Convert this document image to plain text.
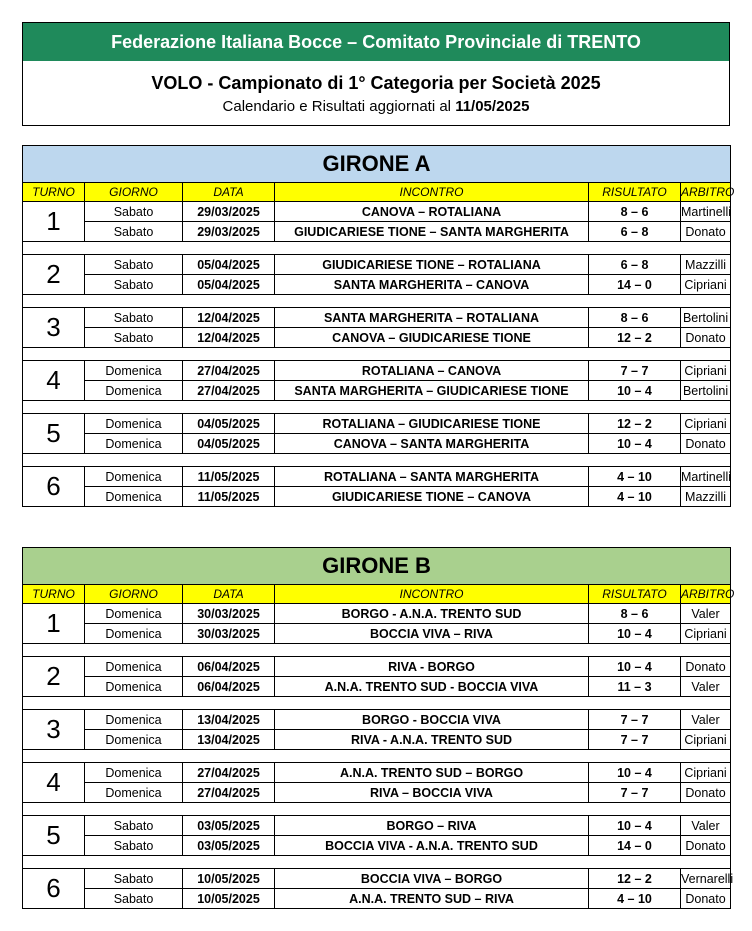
Federazione Italiana Bocce – Comitato Provinciale di TRENTO
VOLO - Campionato di 1° Categoria per Società 2025
Calendario e Risultati aggiornati al 11/05/2025
GIRONE A					
TURNO	GIORNO	DATA	INCONTRO	RISULTATO	ARBITRO
1	Sabato	29/03/2025	CANOVA – ROTALIANA	8 – 6	Martinelli
	Sabato	29/03/2025	GIUDICARIESE TIONE – SANTA MARGHERITA	6 – 8	Donato

2	Sabato	05/04/2025	GIUDICARIESE TIONE – ROTALIANA	6 – 8	Mazzilli
	Sabato	05/04/2025	SANTA MARGHERITA – CANOVA	14 – 0	Cipriani

3	Sabato	12/04/2025	SANTA MARGHERITA – ROTALIANA	8 – 6	Bertolini
	Sabato	12/04/2025	CANOVA – GIUDICARIESE TIONE	12 – 2	Donato

4	Domenica	27/04/2025	ROTALIANA – CANOVA	7 – 7	Cipriani
	Domenica	27/04/2025	SANTA MARGHERITA – GIUDICARIESE TIONE	10 – 4	Bertolini

5	Domenica	04/05/2025	ROTALIANA – GIUDICARIESE TIONE	12 – 2	Cipriani
	Domenica	04/05/2025	CANOVA – SANTA MARGHERITA	10 – 4	Donato

6	Domenica	11/05/2025	ROTALIANA – SANTA MARGHERITA	4 – 10	Martinelli
	Domenica	11/05/2025	GIUDICARIESE TIONE – CANOVA	4 – 10	Mazzilli
GIRONE B					
TURNO	GIORNO	DATA	INCONTRO	RISULTATO	ARBITRO
1	Domenica	30/03/2025	BORGO - A.N.A. TRENTO SUD	8 – 6	Valer
	Domenica	30/03/2025	BOCCIA VIVA – RIVA	10 – 4	Cipriani

2	Domenica	06/04/2025	RIVA - BORGO	10 – 4	Donato
	Domenica	06/04/2025	A.N.A. TRENTO SUD - BOCCIA VIVA	11 – 3	Valer

3	Domenica	13/04/2025	BORGO - BOCCIA VIVA	7 – 7	Valer
	Domenica	13/04/2025	RIVA - A.N.A. TRENTO SUD	7 – 7	Cipriani

4	Domenica	27/04/2025	A.N.A. TRENTO SUD – BORGO	10 – 4	Cipriani
	Domenica	27/04/2025	RIVA – BOCCIA VIVA	7 – 7	Donato

5	Sabato	03/05/2025	BORGO – RIVA	10 – 4	Valer
	Sabato	03/05/2025	BOCCIA VIVA - A.N.A. TRENTO SUD	14 – 0	Donato

6	Sabato	10/05/2025	BOCCIA VIVA – BORGO	12 – 2	Vernarelli
	Sabato	10/05/2025	A.N.A. TRENTO SUD – RIVA	4 – 10	Donato
